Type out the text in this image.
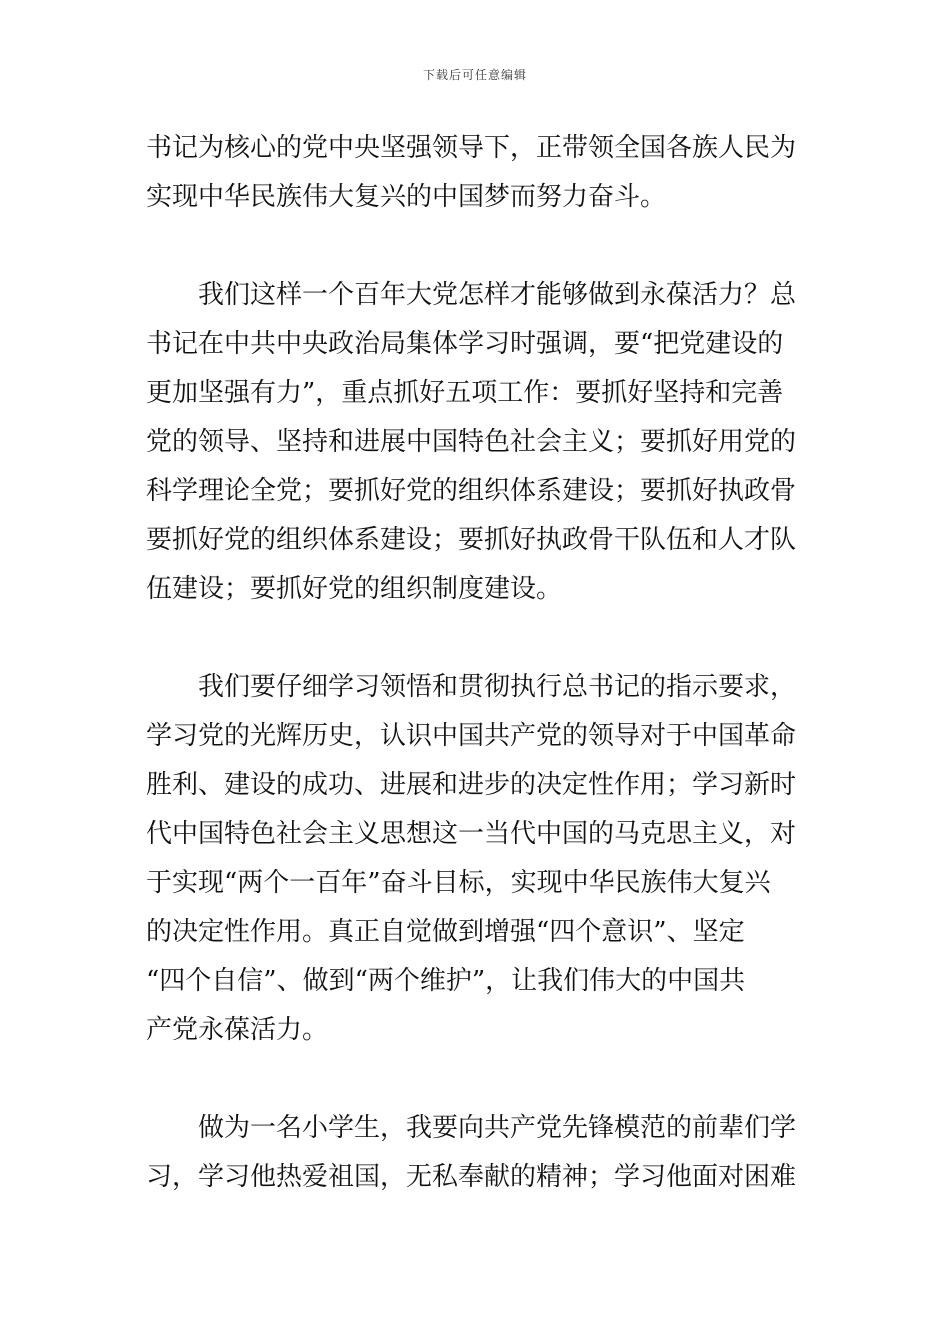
下载后可任意编辑
书记为核心的党中央坚强领导下，正带领全国各族人民为
实现中华民族伟大复兴的中国梦而努力奋斗。
我们这样一个百年大党怎样才能够做到永葆活力？总
书记在中共中央政治局集体学习时强调，要“把党建设的
更加坚强有力”，重点抓好五项工作：要抓好坚持和完善
党的领导、坚持和进展中国特色社会主义；要抓好用党的
科学理论全党；要抓好党的组织体系建设；要抓好执政骨
要抓好党的组织体系建设；要抓好执政骨干队伍和人才队
伍建设；要抓好党的组织制度建设。
我们要仔细学习领悟和贯彻执行总书记的指示要求，
学习党的光辉历史，认识中国共产党的领导对于中国革命
胜利、建设的成功、进展和进步的决定性作用；学习新时
代中国特色社会主义思想这一当代中国的马克思主义，对
于实现“两个一百年”奋斗目标，实现中华民族伟大复兴
的决定性作用。真正自觉做到增强“四个意识”、坚定
“四个自信”、做到“两个维护”，让我们伟大的中国共
产党永葆活力。
做为一名小学生，我要向共产党先锋模范的前辈们学
习，学习他热爱祖国，无私奉献的精神；学习他面对困难
